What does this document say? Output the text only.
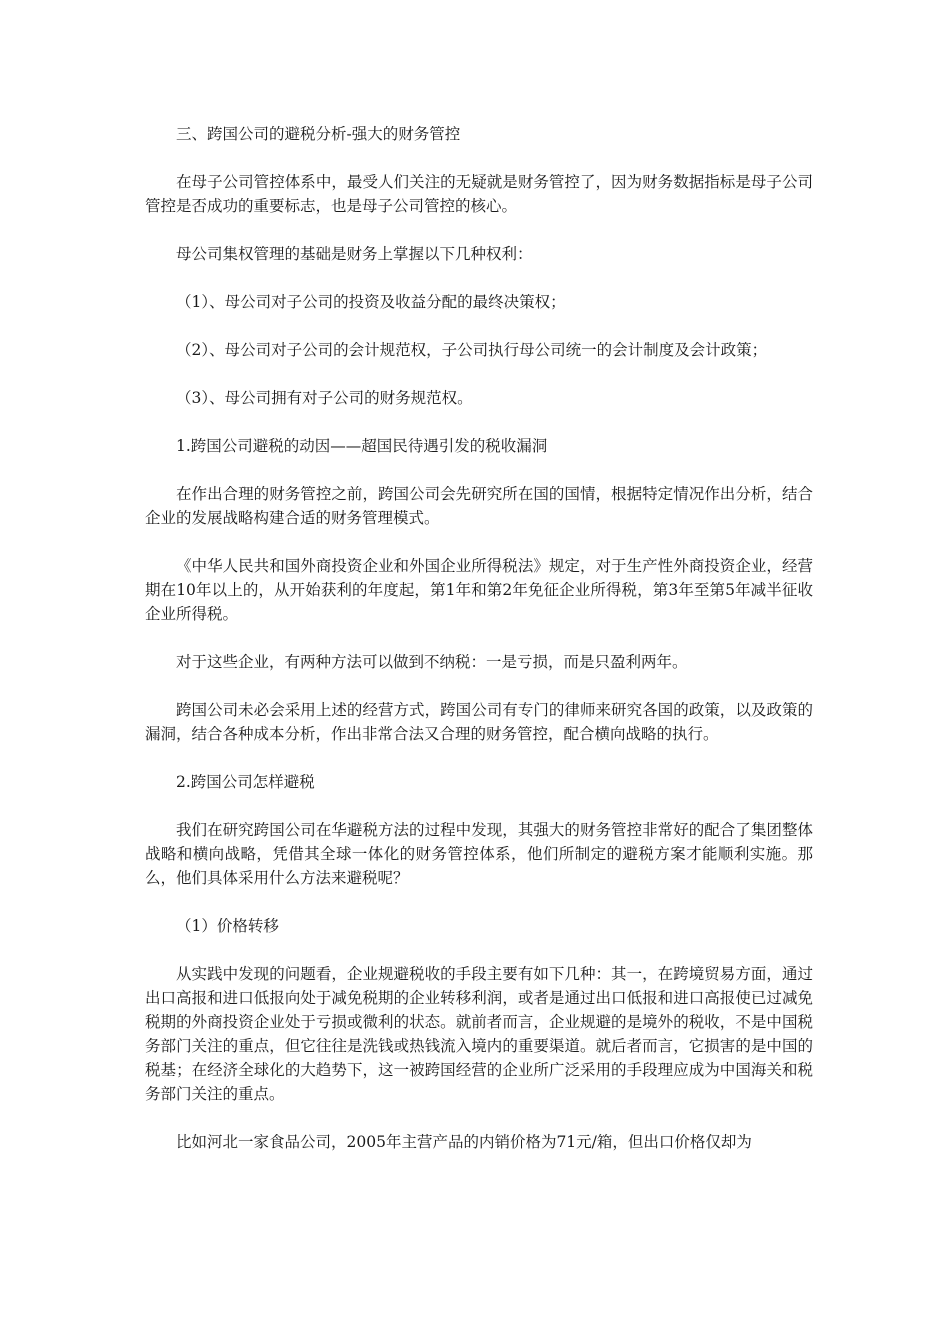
三、跨国公司的避税分析-强大的财务管控

在母子公司管控体系中，最受人们关注的无疑就是财务管控了，因为财务数据指标是母子公司管控是否成功的重要标志，也是母子公司管控的核心。

母公司集权管理的基础是财务上掌握以下几种权利：

（1）、母公司对子公司的投资及收益分配的最终决策权；

（2）、母公司对子公司的会计规范权，子公司执行母公司统一的会计制度及会计政策；

（3）、母公司拥有对子公司的财务规范权。

1.跨国公司避税的动因——超国民待遇引发的税收漏洞

在作出合理的财务管控之前，跨国公司会先研究所在国的国情，根据特定情况作出分析，结合企业的发展战略构建合适的财务管理模式。

《中华人民共和国外商投资企业和外国企业所得税法》规定，对于生产性外商投资企业，经营期在10年以上的，从开始获利的年度起，第1年和第2年免征企业所得税，第3年至第5年减半征收企业所得税。

对于这些企业，有两种方法可以做到不纳税：一是亏损，而是只盈利两年。

跨国公司未必会采用上述的经营方式，跨国公司有专门的律师来研究各国的政策，以及政策的漏洞，结合各种成本分析，作出非常合法又合理的财务管控，配合横向战略的执行。

2.跨国公司怎样避税

我们在研究跨国公司在华避税方法的过程中发现，其强大的财务管控非常好的配合了集团整体战略和横向战略，凭借其全球一体化的财务管控体系，他们所制定的避税方案才能顺利实施。那么，他们具体采用什么方法来避税呢？

（1）价格转移

从实践中发现的问题看，企业规避税收的手段主要有如下几种：其一，在跨境贸易方面，通过出口高报和进口低报向处于减免税期的企业转移利润，或者是通过出口低报和进口高报使已过减免税期的外商投资企业处于亏损或微利的状态。就前者而言，企业规避的是境外的税收，不是中国税务部门关注的重点，但它往往是洗钱或热钱流入境内的重要渠道。就后者而言，它损害的是中国的税基；在经济全球化的大趋势下，这一被跨国经营的企业所广泛采用的手段理应成为中国海关和税务部门关注的重点。

比如河北一家食品公司，2005年主营产品的内销价格为71元/箱，但出口价格仅却为
